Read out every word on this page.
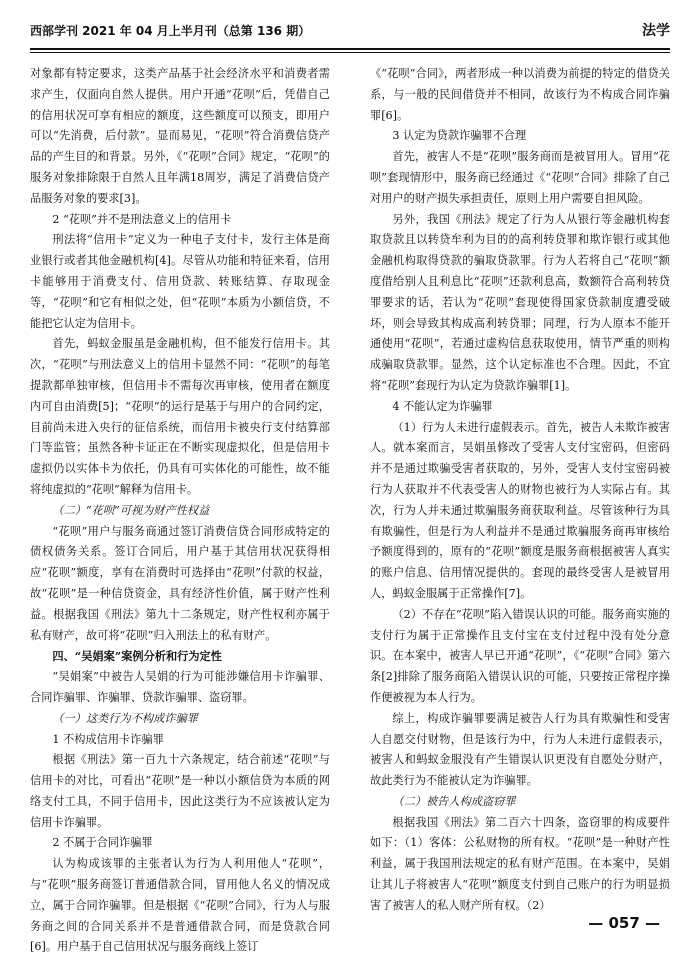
西部学刊 2021 年 04 月上半月刊（总第 136 期）	法学

对象都有特定要求，这类产品基于社会经济水平和消费者需求产生，仅面向自然人提供。用户开通“花呗”后，凭借自己的信用状况可享有相应的额度，这些额度可以预支，即用户可以“先消费，后付款”。显而易见，“花呗”符合消费信贷产品的产生目的和背景。另外，《“花呗”合同》规定，“花呗”的服务对象排除限于自然人且年满18周岁，满足了消费信贷产品服务对象的要求[3]。

2 “花呗”并不是刑法意义上的信用卡

刑法将“信用卡”定义为一种电子支付卡，发行主体是商业银行或者其他金融机构[4]。尽管从功能和特征来看，信用卡能够用于消费支付、信用贷款、转账结算、存取现金等，“花呗”和它有相似之处，但“花呗”本质为小额信贷，不能把它认定为信用卡。

首先，蚂蚁金服虽是金融机构，但不能发行信用卡。其次，“花呗”与刑法意义上的信用卡显然不同：“花呗”的每笔提款都单独审核，但信用卡不需每次再审核，使用者在额度内可自由消费[5]；“花呗”的运行是基于与用户的合同约定，目前尚未进入央行的征信系统，而信用卡被央行支付结算部门等监管；虽然各种卡证正在不断实现虚拟化，但是信用卡虚拟仍以实体卡为依托，仍具有可实体化的可能性，故不能将纯虚拟的“花呗”解释为信用卡。

（二）“花呗”可视为财产性权益

“花呗”用户与服务商通过签订消费信贷合同形成特定的债权债务关系。签订合同后，用户基于其信用状况获得相应“花呗”额度，享有在消费时可选择由“花呗”付款的权益，故“花呗”是一种信贷资金，具有经济性价值，属于财产性利益。根据我国《刑法》第九十二条规定，财产性权利亦属于私有财产，故可将“花呗”归入刑法上的私有财产。

四、“吴娟案”案例分析和行为定性

“吴娟案”中被告人吴娟的行为可能涉嫌信用卡诈骗罪、合同诈骗罪、诈骗罪、贷款诈骗罪、盗窃罪。

（一）这类行为不构成诈骗罪
1 不构成信用卡诈骗罪

根据《刑法》第一百九十六条规定，结合前述“花呗”与信用卡的对比，可看出“花呗”是一种以小额信贷为本质的网络支付工具，不同于信用卡，因此这类行为不应该被认定为信用卡诈骗罪。

2 不属于合同诈骗罪

认为构成该罪的主张者认为行为人利用他人“花呗”，与“花呗”服务商签订普通借款合同，冒用他人名义的情况成立，属于合同诈骗罪。但是根据《“花呗”合同》，行为人与服务商之间的合同关系并不是普通借款合同，而是贷款合同[6]。用户基于自己信用状况与服务商线上签订

《“花呗”合同》，两者形成一种以消费为前提的特定的借贷关系，与一般的民间借贷并不相同，故该行为不构成合同诈骗罪[6]。

3 认定为贷款诈骗罪不合理

首先，被害人不是“花呗”服务商而是被冒用人。冒用“花呗”套现情形中，服务商已经通过《“花呗”合同》排除了自己对用户的财产损失承担责任，原则上用户需要自担风险。

另外，我国《刑法》规定了行为人从银行等金融机构套取贷款且以转贷牟利为目的的高利转贷罪和欺诈银行或其他金融机构取得贷款的骗取贷款罪。行为人若将自己“花呗”额度借给别人且利息比“花呗”还款利息高，数额符合高利转贷罪要求的话，若认为“花呗”套现使得国家贷款制度遭受破坏，则会导致其构成高利转贷罪；同理，行为人原本不能开通使用“花呗”，若通过虚构信息获取使用，情节严重的则构成骗取贷款罪。显然，这个认定标准也不合理。因此，不宜将“花呗”套现行为认定为贷款诈骗罪[1]。

4 不能认定为诈骗罪

（1）行为人未进行虚假表示。首先，被告人未欺诈被害人。就本案而言，吴娟虽修改了受害人支付宝密码，但密码并不是通过欺骗受害者获取的，另外，受害人支付宝密码被行为人获取并不代表受害人的财物也被行为人实际占有。其次，行为人并未通过欺骗服务商获取利益。尽管该种行为具有欺骗性，但是行为人利益并不是通过欺骗服务商再审核给予额度得到的，原有的“花呗”额度是服务商根据被害人真实的账户信息、信用情况提供的。套现的最终受害人是被冒用人，蚂蚁金服属于正常操作[7]。

（2）不存在“花呗”陷入错误认识的可能。服务商实施的支付行为属于正常操作且支付宝在支付过程中没有处分意识。在本案中，被害人早已开通“花呗”，《“花呗”合同》第六条[2]排除了服务商陷入错误认识的可能，只要按正常程序操作便被视为本人行为。

综上，构成诈骗罪要满足被告人行为具有欺骗性和受害人自愿交付财物，但是该行为中，行为人未进行虚假表示，被害人和蚂蚁金服没有产生错误认识更没有自愿处分财产，故此类行为不能被认定为诈骗罪。

（二）被告人构成盗窃罪

根据我国《刑法》第二百六十四条，盗窃罪的构成要件如下：（1）客体：公私财物的所有权。“花呗”是一种财产性利益，属于我国刑法规定的私有财产范围。在本案中，吴娟让其儿子将被害人“花呗”额度支付到自己账户的行为明显损害了被害人的私人财产所有权。（2）

— 057 —
